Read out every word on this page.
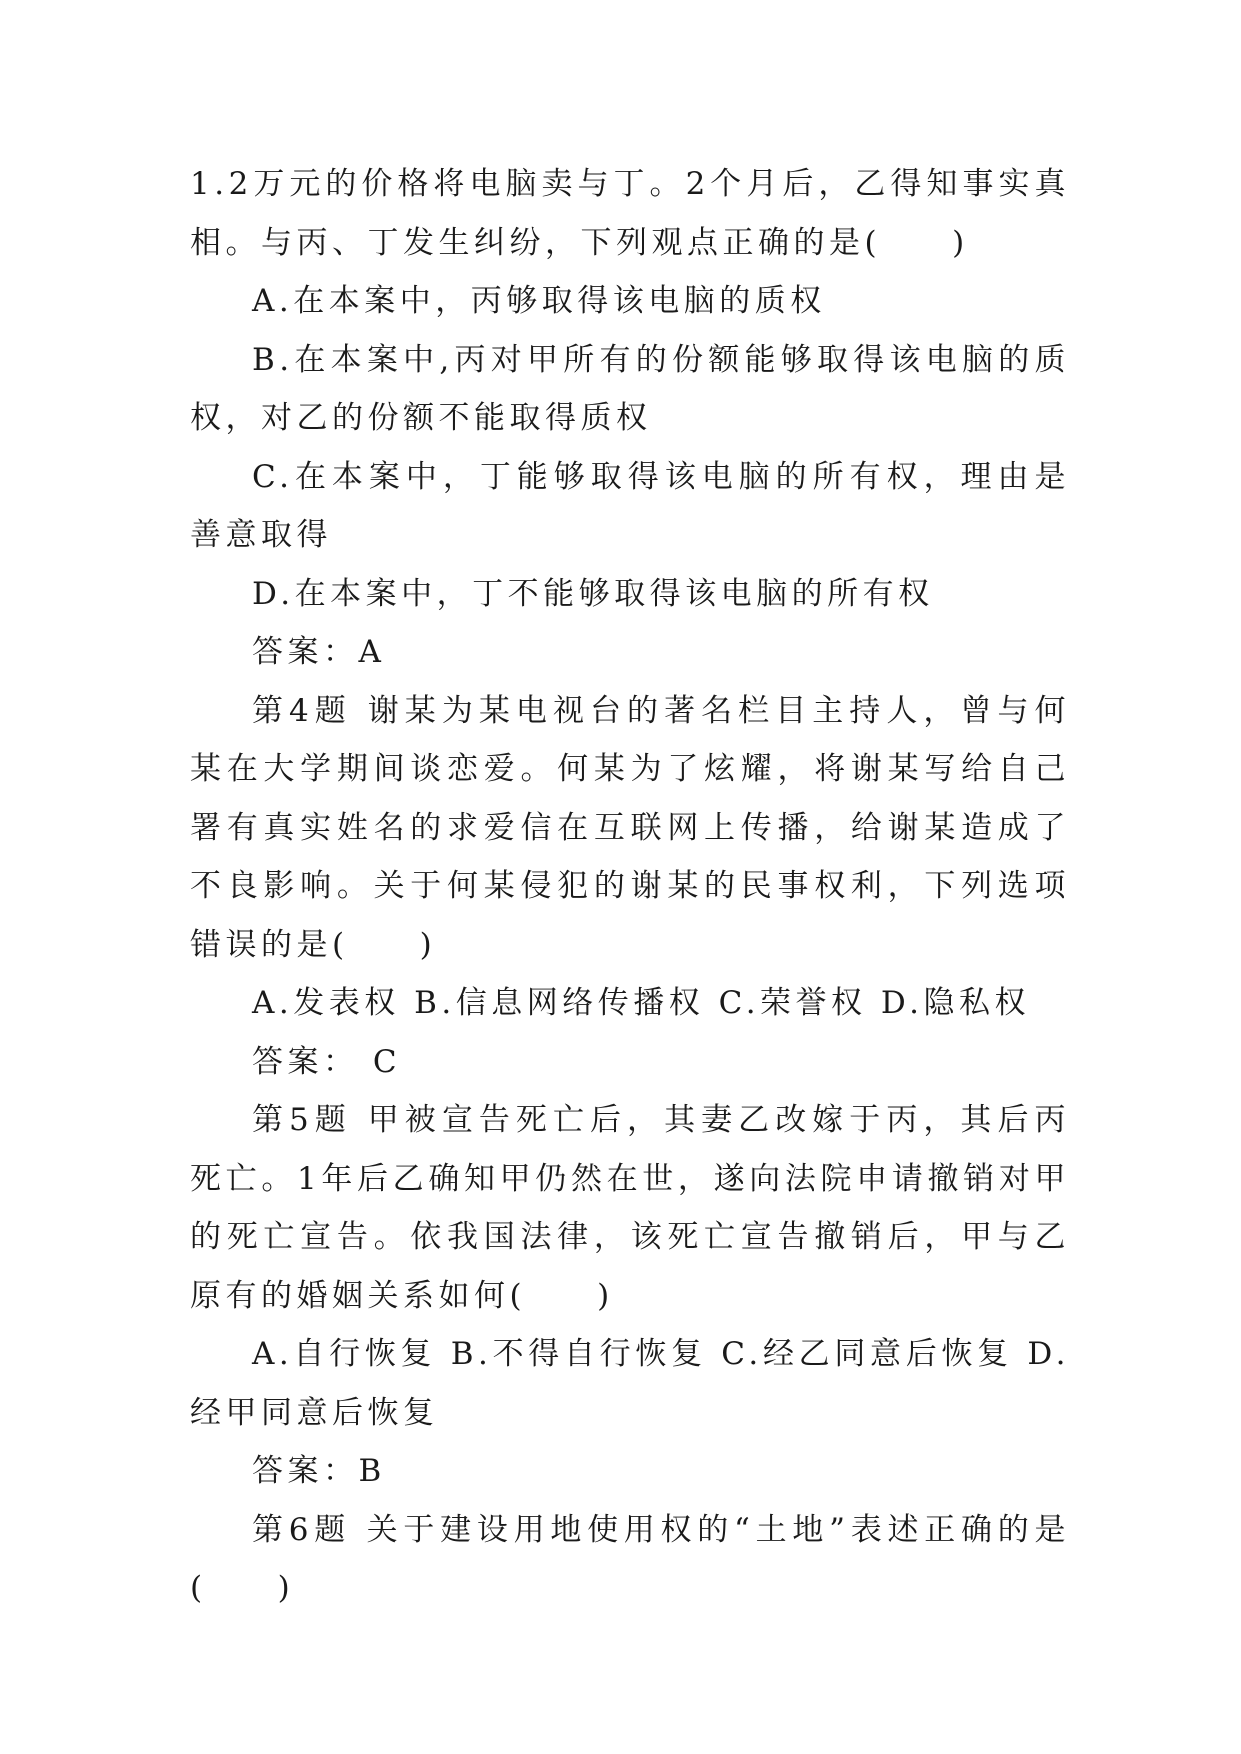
1.2万元的价格将电脑卖与丁。2个月后，乙得知事实真相。与丙、丁发生纠纷，下列观点正确的是(　　)

A.在本案中，丙够取得该电脑的质权

B.在本案中,丙对甲所有的份额能够取得该电脑的质权，对乙的份额不能取得质权

C.在本案中，丁能够取得该电脑的所有权，理由是善意取得

D.在本案中，丁不能够取得该电脑的所有权

答案：A

第4题 谢某为某电视台的著名栏目主持人，曾与何某在大学期间谈恋爱。何某为了炫耀，将谢某写给自己署有真实姓名的求爱信在互联网上传播，给谢某造成了不良影响。关于何某侵犯的谢某的民事权利，下列选项错误的是(　　)

A.发表权 B.信息网络传播权 C.荣誉权 D.隐私权

答案： C

第5题 甲被宣告死亡后，其妻乙改嫁于丙，其后丙死亡。1年后乙确知甲仍然在世，遂向法院申请撤销对甲的死亡宣告。依我国法律，该死亡宣告撤销后，甲与乙原有的婚姻关系如何(　　)

A.自行恢复 B.不得自行恢复 C.经乙同意后恢复 D.经甲同意后恢复

答案：B

第6题 关于建设用地使用权的“土地”表述正确的是(　　)
